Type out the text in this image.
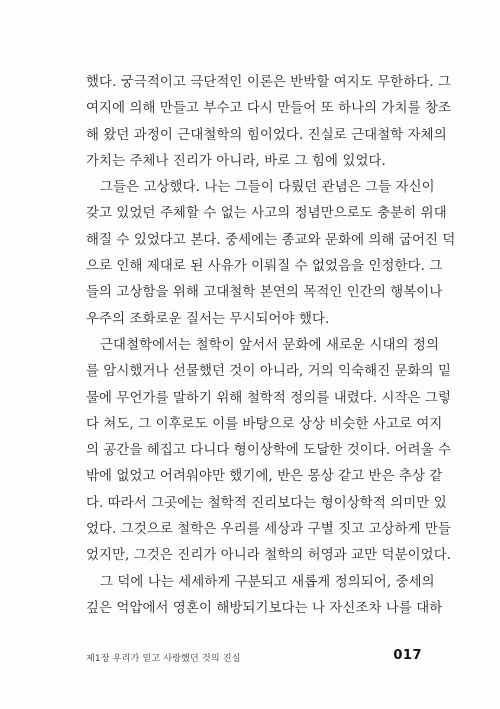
했다. 궁극적이고 극단적인 이론은 반박할 여지도 무한하다. 그
여지에 의해 만들고 부수고 다시 만들어 또 하나의 가치를 창조
해 왔던 과정이 근대철학의 힘이었다. 진실로 근대철학 자체의
가치는 주체나 진리가 아니라, 바로 그 힘에 있었다.
그들은 고상했다. 나는 그들이 다뤘던 관념은 그들 자신이
갖고 있었던 주체할 수 없는 사고의 정념만으로도 충분히 위대
해질 수 있었다고 본다. 중세에는 종교와 문화에 의해 굽어진 덕
으로 인해 제대로 된 사유가 이뤄질 수 없었음을 인정한다. 그
들의 고상함을 위해 고대철학 본연의 목적인 인간의 행복이나
우주의 조화로운 질서는 무시되어야 했다.
근대철학에서는 철학이 앞서서 문화에 새로운 시대의 정의
를 암시했거나 선물했던 것이 아니라, 거의 익숙해진 문화의 밑
물에 무언가를 말하기 위해 철학적 정의를 내렸다. 시작은 그렇
다 쳐도, 그 이후로도 이를 바탕으로 상상 비슷한 사고로 여지
의 공간을 헤집고 다니다 형이상학에 도달한 것이다. 어려울 수
밖에 없었고 어려워야만 했기에, 반은 몽상 같고 반은 추상 같
다. 따라서 그곳에는 철학적 진리보다는 형이상학적 의미만 있
었다. 그것으로 철학은 우리를 세상과 구별 짓고 고상하게 만들
었지만, 그것은 진리가 아니라 철학의 허영과 교만 덕분이었다.
그 덕에 나는 세세하게 구분되고 새롭게 정의되어, 중세의
깊은 억압에서 영혼이 해방되기보다는 나 자신조차 나를 대하
제1장 우리가 믿고 사랑했던 것의 진실	017
